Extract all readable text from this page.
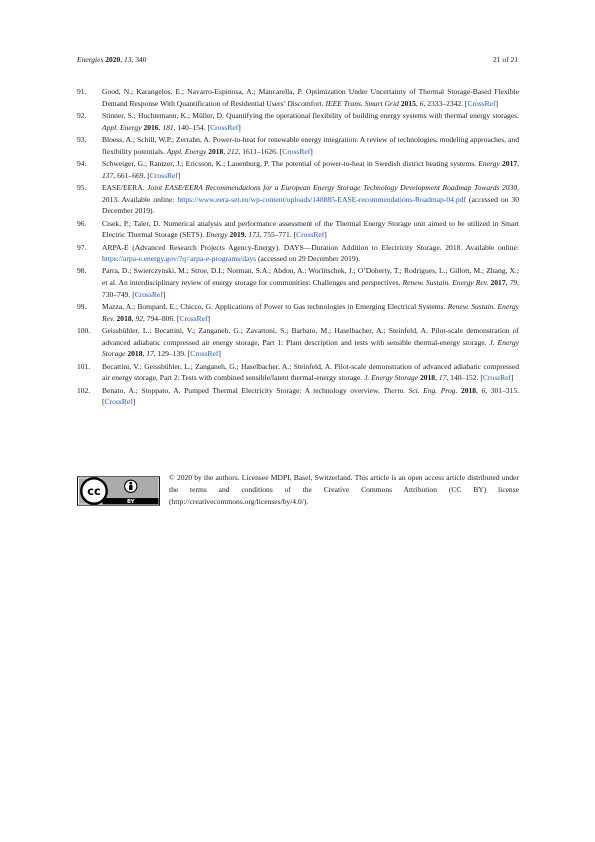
Energies 2020, 13, 340	21 of 21
91.	Good, N.; Karangelos, E.; Navarro-Espinosa, A.; Mancarella, P. Optimization Under Uncertainty of Thermal Storage-Based Flexible Demand Response With Quantification of Residential Users’ Discomfort. IEEE Trans. Smart Grid 2015, 6, 2333–2342. [CrossRef]
92.	Stinner, S.; Huchtemann, K.; Müller, D. Quantifying the operational flexibility of building energy systems with thermal energy storages. Appl. Energy 2016, 181, 140–154. [CrossRef]
93.	Bloess, A.; Schill, W.P.; Zerrahn, A. Power-to-heat for renewable energy integration: A review of technologies, modeling approaches, and flexibility potentials. Appl. Energy 2018, 212, 1611–1626. [CrossRef]
94.	Schweiger, G.; Rantzer, J.; Ericsson, K.; Lauenburg, P. The potential of power-to-heat in Swedish district heating systems. Energy 2017, 137, 661–669. [CrossRef]
95.	EASE/EERA. Joint EASE/EERA Recommendations for a European Energy Storage Technology Development Roadmap Towards 2030. 2013. Available online: https://www.eera-set.eu/wp-content/uploads/148885-EASE-recommendations-Roadmap-04.pdf (accessed on 30 December 2019).
96.	Cisek, P.; Taler, D. Numerical analysis and performance assessment of the Thermal Energy Storage unit aimed to be utilized in Smart Electric Thermal Storage (SETS). Energy 2019, 173, 755–771. [CrossRef]
97.	ARPA-E (Advanced Research Projects Agency-Energy). DAYS—Duration Addition to Electricity Storage. 2018. Available online: https://arpa-e.energy.gov/?q=arpa-e-programs/days (accessed on 29 December 2019).
98.	Parra, D.; Swierczynski, M.; Stroe, D.I.; Norman, S.A.; Abdon, A.; Worlitschek, J.; O’Doherty, T.; Rodrigues, L.; Gillott, M.; Zhang, X.; et al. An interdisciplinary review of energy storage for communities: Challenges and perspectives. Renew. Sustain. Energy Rev. 2017, 79, 730–749. [CrossRef]
99.	Mazza, A.; Bompard, E.; Chicco, G. Applications of Power to Gas technologies in Emerging Electrical Systems. Renew. Sustain. Energy Rev. 2018, 92, 794–806. [CrossRef]
100.	Geissbühler, L.; Becattini, V.; Zanganeh, G.; Zavattoni, S.; Barbato, M.; Haselbacher, A.; Steinfeld, A. Pilot-scale demonstration of advanced adiabatic compressed air energy storage, Part 1: Plant description and tests with sensible thermal-energy storage. J. Energy Storage 2018, 17, 129–139. [CrossRef]
101.	Becattini, V.; Geissbühler, L.; Zanganeh, G.; Haselbacher, A.; Steinfeld, A. Pilot-scale demonstration of advanced adiabatic compressed air energy storage, Part 2: Tests with combined sensible/latent thermal-energy storage. J. Energy Storage 2018, 17, 140–152. [CrossRef]
102.	Benato, A.; Stoppato, A. Pumped Thermal Electricity Storage: A technology overview. Therm. Sci. Eng. Prog. 2018, 6, 301–315. [CrossRef]
cc
BY
© 2020 by the authors. Licensee MDPI, Basel, Switzerland. This article is an open access article distributed under the terms and conditions of the Creative Commons Attribution (CC BY) license (http://creativecommons.org/licenses/by/4.0/).
